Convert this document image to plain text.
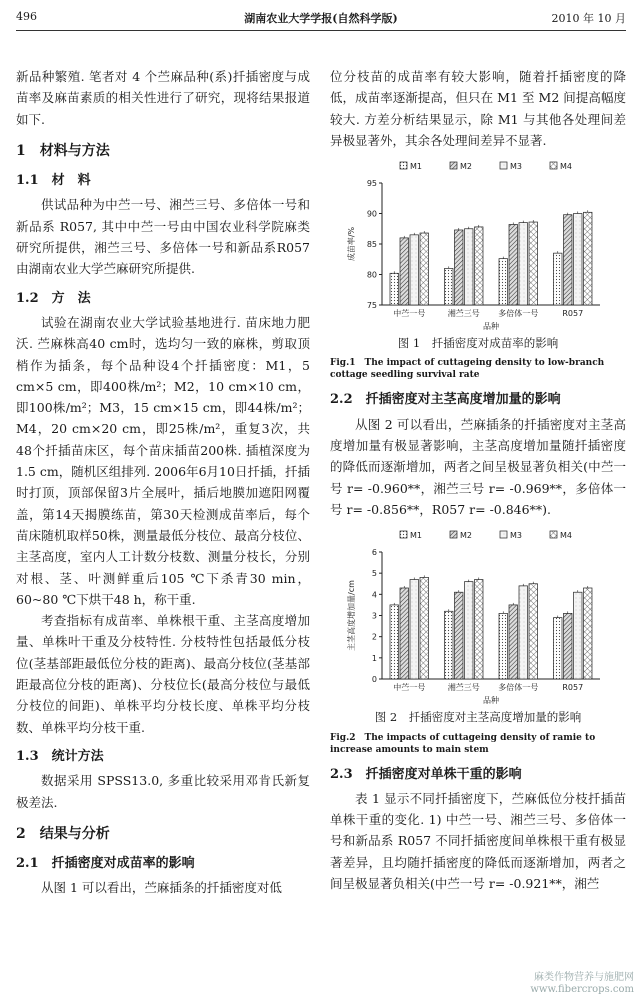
496	湖南农业大学学报(自然科学版)	2010 年 10 月

新品种繁殖. 笔者对 4 个苎麻品种(系)扦插密度与成苗率及麻苗素质的相关性进行了研究，现将结果报道如下.

1　材料与方法
1.1　材　料

供试品种为中苎一号、湘苎三号、多倍体一号和新品系 R057, 其中中苎一号由中国农业科学院麻类研究所提供，湘苎三号、多倍体一号和新品系R057 由湖南农业大学苎麻研究所提供.

1.2　方　法

试验在湖南农业大学试验基地进行. 苗床地力肥沃. 苎麻株高40 cm时，选均匀一致的麻株，剪取顶梢作为插条，每个品种设4个扦插密度：M1，5 cm×5 cm，即400株/m²；M2，10 cm×10 cm，即100株/m²；M3，15 cm×15 cm，即44株/m²；M4，20 cm×20 cm，即25株/m²，重复3次，共48个扦插苗床区，每个苗床插苗200株. 插植深度为1.5 cm，随机区组排列. 2006年6月10日扦插，扦插时打顶，顶部保留3片全展叶，插后地膜加遮阳网覆盖，第14天揭膜练苗，第30天检测成苗率后，每个苗床随机取样50株，测量最低分枝位、最高分枝位、主茎高度，室内人工计数分枝数、测量分枝长，分别对根、茎、叶测鲜重后105 ℃下杀青30 min，60~80 ℃下烘干48 h，称干重.

考查指标有成苗率、单株根干重、主茎高度增加量、单株叶干重及分枝特性. 分枝特性包括最低分枝位(茎基部距最低位分枝的距离)、最高分枝位(茎基部距最高位分枝的距离)、分枝位长(最高分枝位与最低分枝位的间距)、单株平均分枝长度、单株平均分枝数、单株平均分枝干重.

1.3　统计方法

数据采用 SPSS13.0, 多重比较采用邓肯氏新复极差法.

2　结果与分析
2.1　扦插密度对成苗率的影响

从图 1 可以看出，苎麻插条的扦插密度对低

位分枝苗的成苗率有较大影响，随着扦插密度的降低，成苗率逐渐提高，但只在 M1 至 M2 间提高幅度较大. 方差分析结果显示，除 M1 与其他各处理间差异极显著外，其余各处理间差异不显著.

75
80
85
90
95
成苗率/%
M1	M2	M3	M4
中苎一号	湘苎三号 多倍体一号	R057
品种
图 1　扦插密度对成苗率的影响
Fig.1　The impact of cuttageing density to low-branch cottage seedling survival rate
2.2　扦插密度对主茎高度增加量的影响

从图 2 可以看出，苎麻插条的扦插密度对主茎高度增加量有极显著影响，主茎高度增加量随扦插密度的降低而逐渐增加，两者之间呈极显著负相关(中苎一号 r= -0.960**，湘苎三号 r= -0.969**，多倍体一号 r= -0.856**，R057 r= -0.846**).

0
1
2
3
4
5
6
主茎高度增加量/cm
M1	M2	M3	M4
中苎一号	湘苎三号 多倍体一号	R057
品种
图 2　扦插密度对主茎高度增加量的影响
Fig.2　The impacts of cuttageing density of ramie to increase amounts to main stem
2.3　扦插密度对单株干重的影响

表 1 显示不同扦插密度下，苎麻低位分枝扦插苗单株干重的变化. 1) 中苎一号、湘苎三号、多倍体一号和新品系 R057 不同扦插密度间单株根干重有极显著差异，且均随扦插密度的降低而逐渐增加，两者之间呈极显著负相关(中苎一号 r= -0.921**，湘苎

麻类作物营养与施肥网
www.fibercrops.com
